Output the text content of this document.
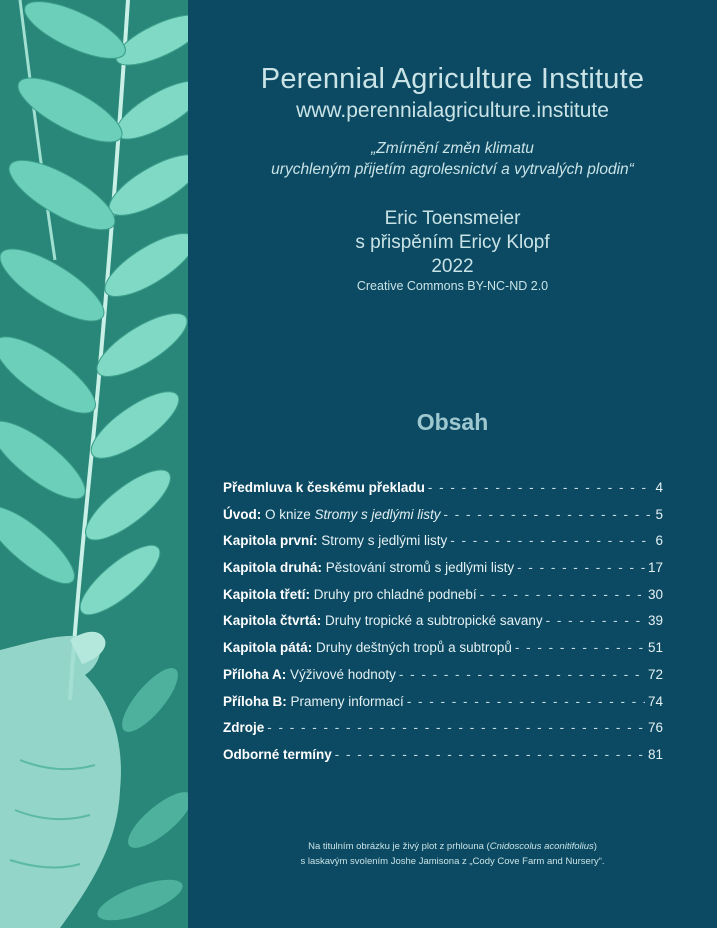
Perennial Agriculture Institute
www.perennialagriculture.institute
„Zmírnění změn klimatu
urychleným přijetím agrolesnictví a vytrvalých plodin“
Eric Toensmeier
s přispěním Ericy Klopf
2022
Creative Commons BY-NC-ND 2.0
Obsah
Předmluva k českému překladu - - -	4
Úvod: O knize Stromy s jedlými listy - - -	5
Kapitola první: Stromy s jedlými listy - - -	6
Kapitola druhá: Pěstování stromů s jedlými listy - - -	17
Kapitola třetí: Druhy pro chladné podnebí - - -	30
Kapitola čtvrtá: Druhy tropické a subtropické savany - - -	39
Kapitola pátá: Druhy deštných tropů a subtropů - - -	51
Příloha A: Výživové hodnoty - - -	72
Příloha B: Prameny informací - - -	74
Zdroje - - -	76
Odborné termíny - - -	81
Na titulním obrázku je živý plot z prhlouna (Cnidoscolus aconitifolius)
s laskavým svolením Joshe Jamisona z „Cody Cove Farm and Nursery“.
